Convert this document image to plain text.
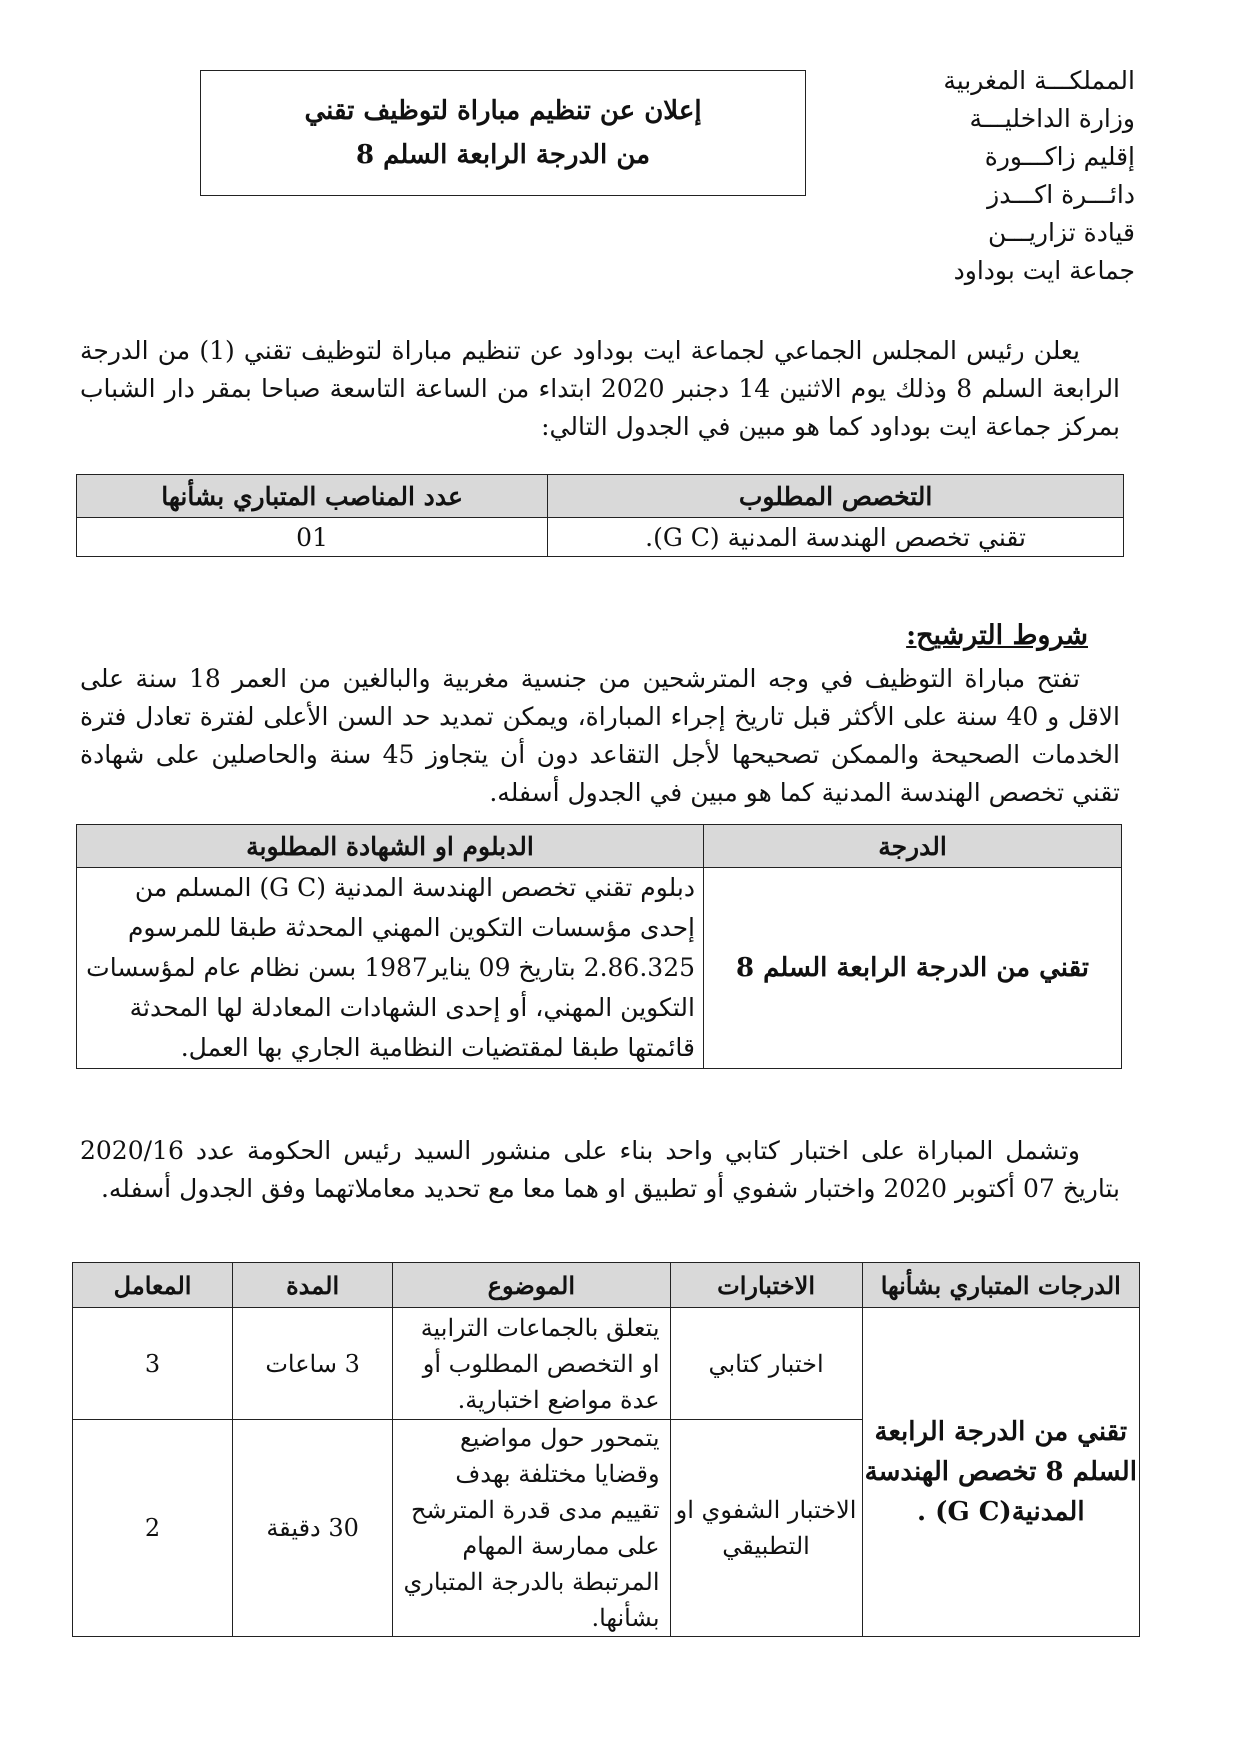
المملكـــة المغربية
وزارة الداخليـــة
إقليم زاكـــورة
دائـــرة اكـــدز
قيادة تزاريـــن
جماعة ايت بوداود
إعلان عن تنظيم مباراة لتوظيف تقني
من الدرجة الرابعة السلم 8
يعلن رئيس المجلس الجماعي لجماعة ايت بوداود عن تنظيم مباراة لتوظيف تقني (1) من الدرجة الرابعة السلم 8 وذلك يوم الاثنين 14 دجنبر 2020 ابتداء من الساعة التاسعة صباحا بمقر دار الشباب بمركز جماعة ايت بوداود كما هو مبين في الجدول التالي:
التخصص المطلوب	عدد المناصب المتباري بشأنها
تقني تخصص الهندسة المدنية (G C).	01
شروط الترشيح:
تفتح مباراة التوظيف في وجه المترشحين من جنسية مغربية والبالغين من العمر 18 سنة على الاقل و 40 سنة على الأكثر قبل تاريخ إجراء المباراة، ويمكن تمديد حد السن الأعلى لفترة تعادل فترة الخدمات الصحيحة والممكن تصحيحها لأجل التقاعد دون أن يتجاوز 45 سنة والحاصلين على شهادة تقني تخصص الهندسة المدنية كما هو مبين في الجدول أسفله.
الدرجة	الدبلوم او الشهادة المطلوبة
تقني من الدرجة الرابعة السلم 8	دبلوم تقني تخصص الهندسة المدنية (G C) المسلم من
إحدى مؤسسات التكوين المهني المحدثة طبقا للمرسوم
2.86.325 بتاريخ 09 يناير1987 بسن نظام عام لمؤسسات
التكوين المهني، أو إحدى الشهادات المعادلة لها المحدثة
قائمتها طبقا لمقتضيات النظامية الجاري بها العمل.
وتشمل المباراة على اختبار كتابي واحد بناء على منشور السيد رئيس الحكومة عدد 2020/16 بتاريخ 07 أكتوبر 2020 واختبار شفوي أو تطبيق او هما معا مع تحديد معاملاتهما وفق الجدول أسفله.
الدرجات المتباري بشأنها	الاختبارات	الموضوع	المدة	المعامل
تقني من الدرجة الرابعة السلم 8 تخصص الهندسة المدنية(G C) .	اختبار كتابي	يتعلق بالجماعات الترابية او التخصص المطلوب أو عدة مواضع اختبارية.	3 ساعات	3
	الاختبار الشفوي او التطبيقي	يتمحور حول مواضيع وقضايا مختلفة بهدف تقييم مدى قدرة المترشح على ممارسة المهام المرتبطة بالدرجة المتباري بشأنها.	30 دقيقة	2
